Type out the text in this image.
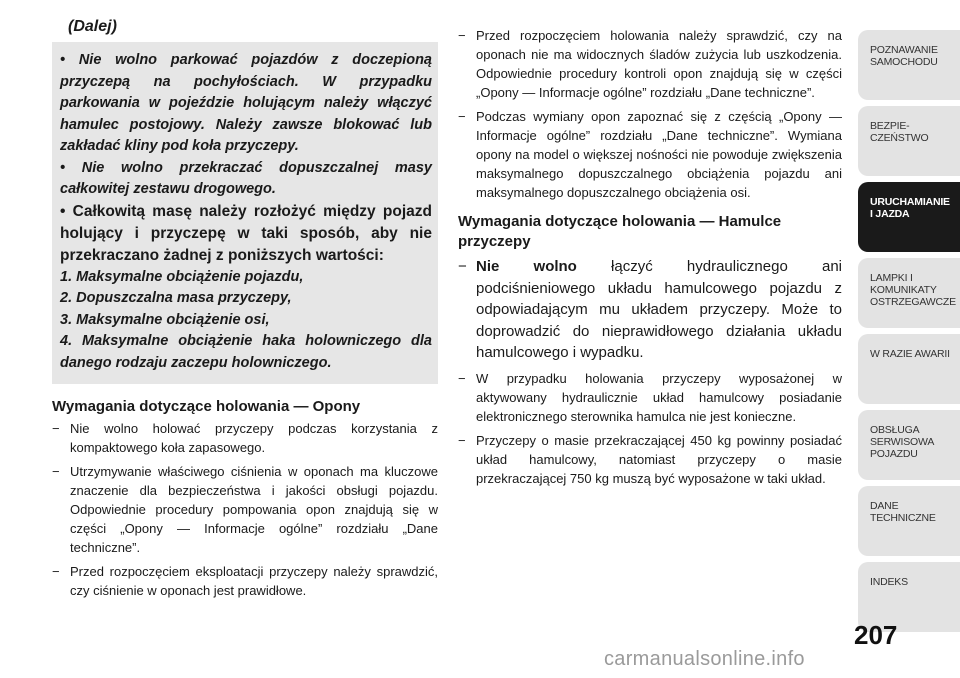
(Dalej)

• Nie wolno parkować pojazdów z doczepioną przyczepą na pochyłościach. W przypadku parkowania w pojeździe holującym należy włączyć hamulec postojowy. Należy zawsze blokować lub zakładać kliny pod koła przyczepy.

• Nie wolno przekraczać dopuszczalnej masy całkowitej zestawu drogowego.

• Całkowitą masę należy rozłożyć między pojazd holujący i przyczepę w taki sposób, aby nie przekraczano żadnej z poniższych wartości:

1. Maksymalne obciążenie pojazdu,
2. Dopuszczalna masa przyczepy,
3. Maksymalne obciążenie osi,
4. Maksymalne obciążenie haka holowniczego dla danego rodzaju zaczepu holowniczego.
Wymagania dotyczące holowania — Opony
− Nie wolno holować przyczepy podczas korzystania z kompaktowego koła zapasowego.
− Utrzymywanie właściwego ciśnienia w oponach ma kluczowe znaczenie dla bezpieczeństwa i jakości obsługi pojazdu. Odpowiednie procedury pompowania opon znajdują się w części „Opony — Informacje ogólne” rozdziału „Dane techniczne”.
− Przed rozpoczęciem eksploatacji przyczepy należy sprawdzić, czy ciśnienie w oponach jest prawidłowe.
− Przed rozpoczęciem holowania należy sprawdzić, czy na oponach nie ma widocznych śladów zużycia lub uszkodzenia. Odpowiednie procedury kontroli opon znajdują się w części „Opony — Informacje ogólne” rozdziału „Dane techniczne”.
− Podczas wymiany opon zapoznać się z częścią „Opony — Informacje ogólne” rozdziału „Dane techniczne”. Wymiana opony na model o większej nośności nie powoduje zwiększenia maksymalnego dopuszczalnego obciążenia pojazdu ani maksymalnego dopuszczalnego obciążenia osi.
Wymagania dotyczące holowania — Hamulce przyczepy
− Nie wolno łączyć hydraulicznego ani podciśnieniowego układu hamulcowego pojazdu z odpowiadającym mu układem przyczepy. Może to doprowadzić do nieprawidłowego działania układu hamulcowego i wypadku.
− W przypadku holowania przyczepy wyposażonej w aktywowany hydraulicznie układ hamulcowy posiadanie elektronicznego sterownika hamulca nie jest konieczne.
− Przyczepy o masie przekraczającej 450 kg powinny posiadać układ hamulcowy, natomiast przyczepy o masie przekraczającej 750 kg muszą być wyposażone w taki układ.
POZNAWANIE SAMOCHODU
BEZPIE- CZEŃSTWO
URUCHAMIANIE I JAZDA
LAMPKI I KOMUNIKATY OSTRZEGAWCZE
W RAZIE AWARII
OBSŁUGA SERWISOWA POJAZDU
DANE TECHNICZNE
INDEKS
207
carmanualsonline.info
